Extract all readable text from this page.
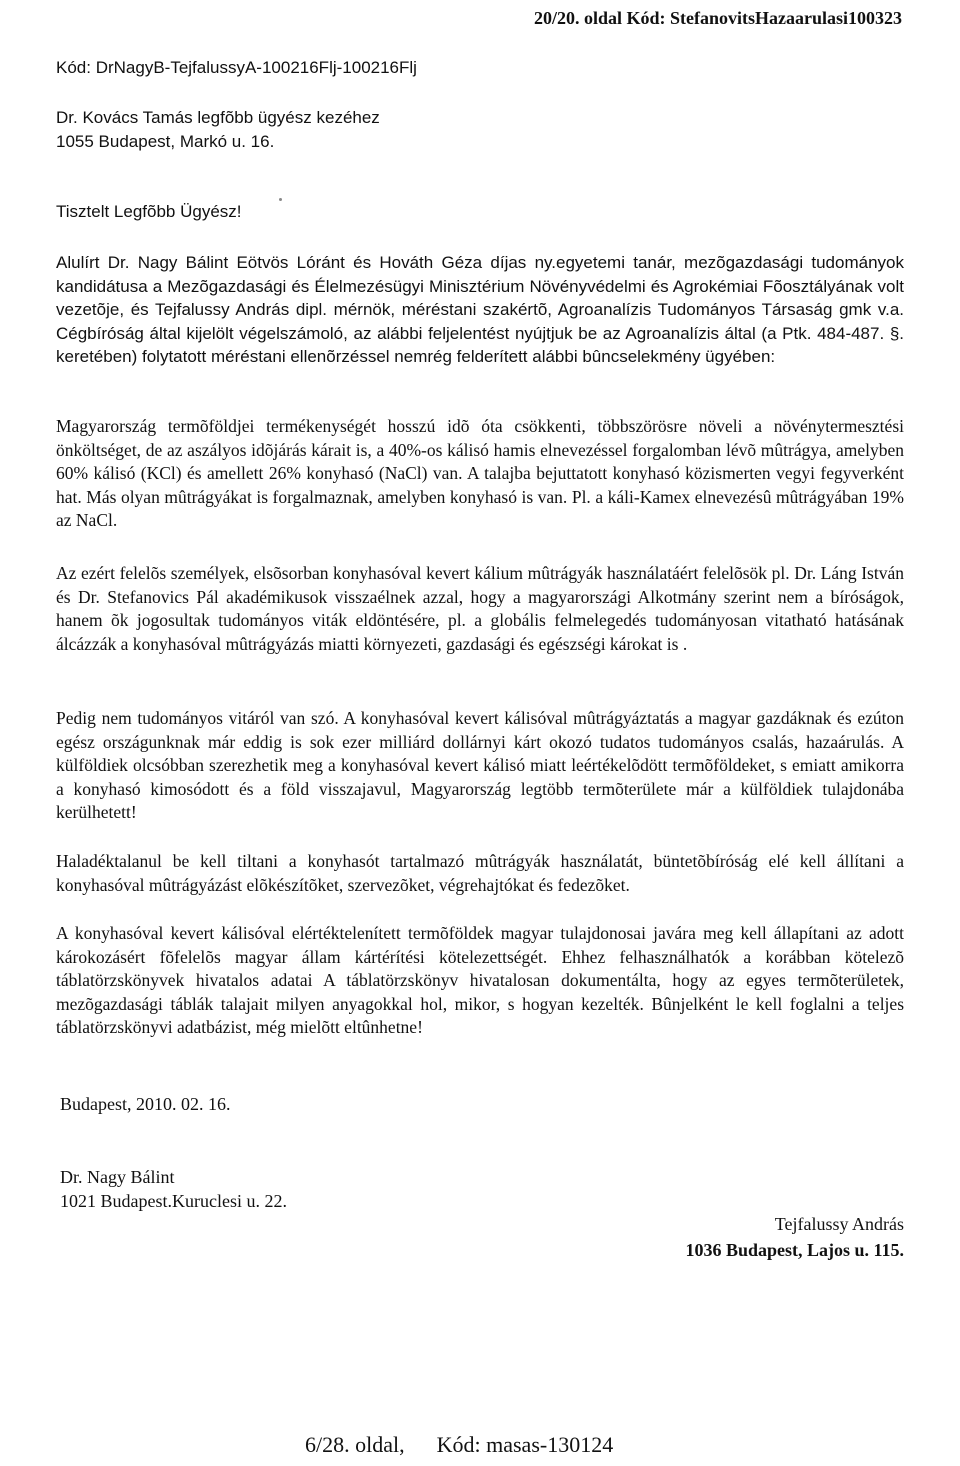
20/20. oldal Kód: StefanovitsHazaarulasi100323
Kód: DrNagyB-TejfalussyA-100216Flj-100216Flj
Dr. Kovács Tamás legfõbb ügyész kezéhez
1055 Budapest, Markó u. 16.
Tisztelt Legfõbb Ügyész!

Alulírt Dr. Nagy Bálint Eötvös Lóránt és Hováth Géza díjas ny.egyetemi tanár, mezõgazdasági tudományok kandidátusa a Mezõgazdasági és Élelmezésügyi Minisztérium Növényvédelmi és Agrokémiai Fõosztályának volt vezetõje, és Tejfalussy András dipl. mérnök, méréstani szakértõ, Agroanalízis Tudományos Társaság gmk v.a. Cégbíróság által kijelölt végelszámoló, az alábbi feljelentést nyújtjuk be az Agroanalízis által (a Ptk. 484-487. §. keretében) folytatott méréstani ellenõrzéssel nemrég felderített alábbi bûncselekmény ügyében:

Magyarország termõföldjei termékenységét hosszú idõ óta csökkenti, többszörösre növeli a növénytermesztési önköltséget, de az aszályos idõjárás kárait is, a 40%-os kálisó hamis elnevezéssel forgalomban lévõ mûtrágya, amelyben 60% kálisó (KCl) és amellett 26% konyhasó (NaCl) van. A talajba bejuttatott konyhasó közismerten vegyi fegyverként hat. Más olyan mûtrágyákat is forgalmaznak, amelyben konyhasó is van. Pl. a káli-Kamex elnevezésû mûtrágyában 19% az NaCl.

Az ezért felelõs személyek, elsõsorban konyhasóval kevert kálium mûtrágyák használatáért felelõsök pl. Dr. Láng István és Dr. Stefanovics Pál akadémikusok visszaélnek azzal, hogy a magyarországi Alkotmány szerint nem a bíróságok, hanem õk jogosultak tudományos viták eldöntésére, pl. a globális felmelegedés tudományosan vitatható hatásának álcázzák a konyhasóval mûtrágyázás miatti környezeti, gazdasági és egészségi károkat is .

Pedig nem tudományos vitáról van szó. A konyhasóval kevert kálisóval mûtrágyáztatás a magyar gazdáknak és ezúton egész országunknak már eddig is sok ezer milliárd dollárnyi kárt okozó tudatos tudományos csalás, hazaárulás. A külföldiek olcsóbban szerezhetik meg a konyhasóval kevert kálisó miatt leértékelõdött termõföldeket, s emiatt amikorra a konyhasó kimosódott és a föld visszajavul, Magyarország legtöbb termõterülete már a külföldiek tulajdonába kerülhetett!

Haladéktalanul be kell tiltani a konyhasót tartalmazó mûtrágyák használatát, büntetõbíróság elé kell állítani a konyhasóval mûtrágyázást elõkészítõket, szervezõket, végrehajtókat és fedezõket.

A konyhasóval kevert kálisóval elértéktelenített termõföldek magyar tulajdonosai javára meg kell állapítani az adott károkozásért fõfelelõs magyar állam kártérítési kötelezettségét. Ehhez felhasználhatók a korábban kötelezõ táblatörzskönyvek hivatalos adatai A táblatörzskönyv hivatalosan dokumentálta, hogy az egyes termõterületek, mezõgazdasági táblák talajait milyen anyagokkal hol, mikor, s hogyan kezelték. Bûnjelként le kell foglalni a teljes táblatörzskönyvi adatbázist, még mielõtt eltûnhetne!

Budapest, 2010. 02. 16.
Dr. Nagy Bálint
1021 Budapest.Kuruclesi u. 22.
Tejfalussy András
1036 Budapest, Lajos u. 115.
6/28. oldal, Kód: masas-130124
